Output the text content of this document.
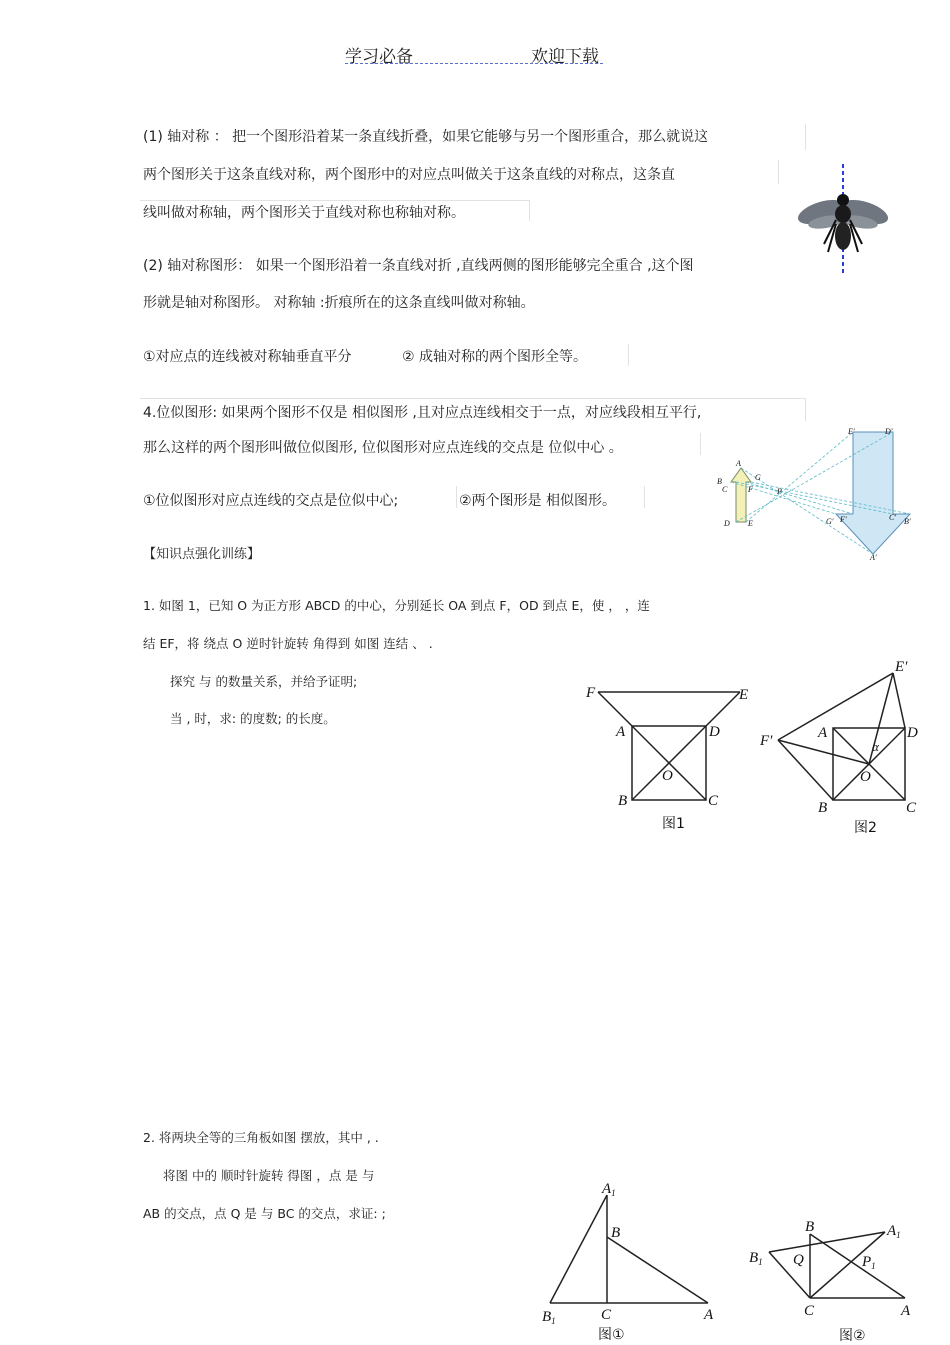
学习必备	欢迎下载
(1) 轴对称 ： 把一个图形沿着某一条直线折叠，如果它能够与另一个图形重合，那么就说这
两个图形关于这条直线对称，两个图形中的对应点叫做关于这条直线的对称点，这条直
线叫做对称轴，两个图形关于直线对称也称轴对称。
(2) 轴对称图形： 如果一个图形沿着一条直线对折 ,直线两侧的图形能够完全重合 ,这个图
形就是轴对称图形。 对称轴 :折痕所在的这条直线叫做对称轴。
①对应点的连线被对称轴垂直平分	② 成轴对称的两个图形全等。
4.位似图形: 如果两个图形不仅是 相似图形 ,且对应点连线相交于一点，对应线段相互平行,
那么这样的两个图形叫做位似图形, 位似图形对应点连线的交点是 位似中心 。
①位似图形对应点连线的交点是位似中心;	②两个图形是 相似图形。
E′	D′
A
G
B
C	F	P
D E	G′ F′	C′ B′
A′
【知识点强化训练】
1. 如图 1，已知 O 为正方形 ABCD 的中心，分别延长 OA 到点 F，OD 到点 E，使 ， ，连
结 EF，将 绕点 O 逆时针旋转 角得到 如图 连结 、 .
探究 与 的数量关系，并给予证明;
当 , 时，求: 的度数; 的长度。
F	E
A	D
O
B	C
图1
E′
F′	A	D
α
O
B	C
图2
2. 将两块全等的三角板如图 摆放，其中 , .
将图 中的 顺时针旋转 得图 ，点 是 与
AB 的交点，点 Q 是 与 BC 的交点，求证: ;
$A_1$
B
$B_1$	C	A
图①
B	$A_1$
$B_1$ Q	$P_1$
C	A
图②
